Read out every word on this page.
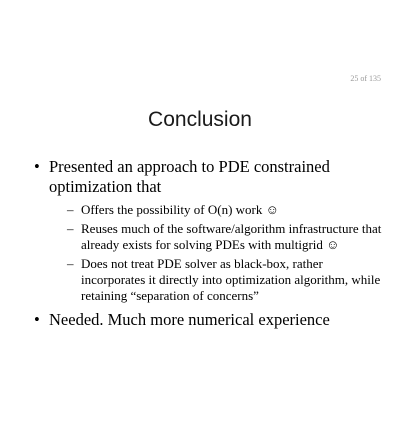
25 of 135
Conclusion
• Presented an approach to PDE constrained optimization that
– Offers the possibility of O(n) work ☺
– Reuses much of the software/algorithm infrastructure that already exists for solving PDEs with multigrid ☺
– Does not treat PDE solver as black-box, rather incorporates it directly into optimization algorithm, while retaining “separation of concerns”
• Needed. Much more numerical experience
